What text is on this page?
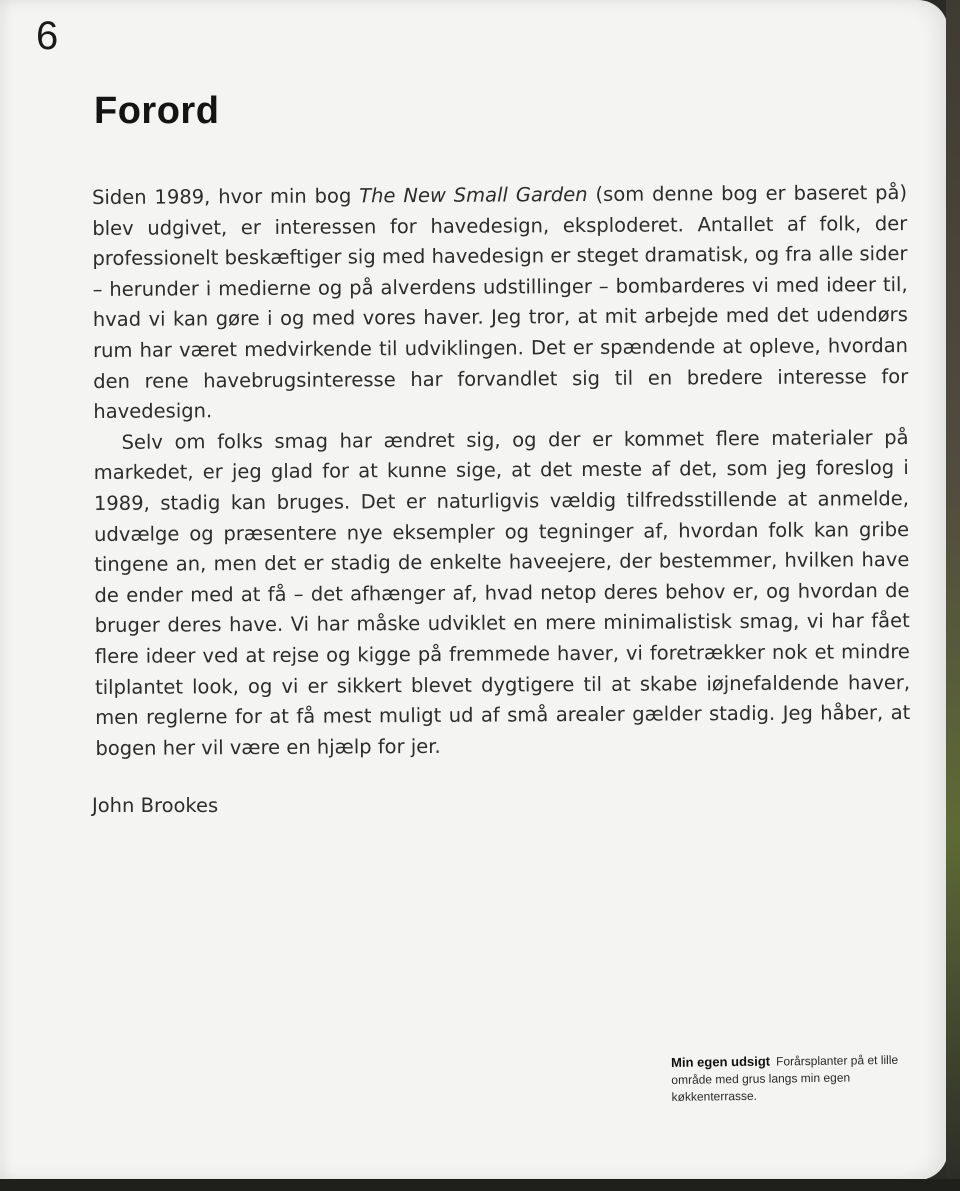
6
Forord

Siden 1989, hvor min bog The New Small Garden (som denne bog er baseret på) blev udgivet, er interessen for havedesign, eksploderet. Antallet af folk, der professionelt beskæftiger sig med havedesign er steget dramatisk, og fra alle sider – herunder i medierne og på alverdens udstillinger – bombarderes vi med ideer til, hvad vi kan gøre i og med vores haver. Jeg tror, at mit arbejde med det udendørs rum har været medvirkende til udviklingen. Det er spændende at opleve, hvordan den rene havebrugsinteresse har forvandlet sig til en bredere interesse for havedesign.

Selv om folks smag har ændret sig, og der er kommet flere materialer på markedet, er jeg glad for at kunne sige, at det meste af det, som jeg foreslog i 1989, stadig kan bruges. Det er naturligvis vældig tilfredsstillende at anmelde, udvælge og præsentere nye eksempler og tegninger af, hvordan folk kan gribe tingene an, men det er stadig de enkelte haveejere, der bestemmer, hvilken have de ender med at få – det afhænger af, hvad netop deres behov er, og hvordan de bruger deres have. Vi har måske udviklet en mere minimalistisk smag, vi har fået flere ideer ved at rejse og kigge på fremmede haver, vi foretrækker nok et mindre tilplantet look, og vi er sikkert blevet dygtigere til at skabe iøjnefaldende haver, men reglerne for at få mest muligt ud af små arealer gælder stadig. Jeg håber, at bogen her vil være en hjælp for jer.

John Brookes
Min egen udsigt Forårsplanter på et lille område med grus langs min egen køkkenterrasse.
